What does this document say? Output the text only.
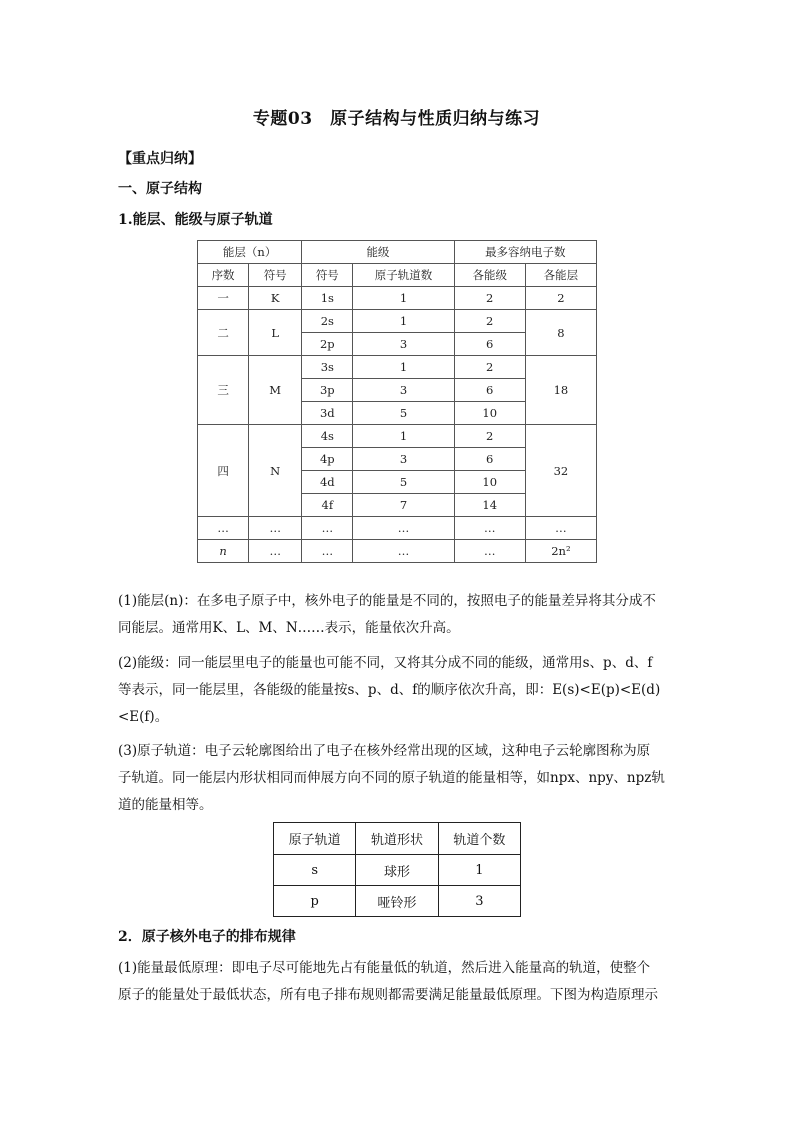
专题03　原子结构与性质归纳与练习
【重点归纳】
一、原子结构
1.能层、能级与原子轨道
能层（n）		能级		最多容纳电子数	
序数	符号	符号	原子轨道数	各能级	各能层
一	K	1s	1	2	2
二	L	2s	1	2	8
		2p	3	6	
三	M	3s	1	2	18
		3p	3	6	
		3d	5	10	
四	N	4s	1	2	32
		4p	3	6	
		4d	5	10	
		4f	7	14	
…	…	…	…	…	…
n	…	…	…	…	2n²

(1)能层(n)：在多电子原子中，核外电子的能量是不同的，按照电子的能量差异将其分成不

同能层。通常用K、L、M、N……表示，能量依次升高。

(2)能级：同一能层里电子的能量也可能不同，又将其分成不同的能级，通常用s、p、d、f

等表示，同一能层里，各能级的能量按s、p、d、f的顺序依次升高，即：E(s)<E(p)<E(d)

<E(f)。

(3)原子轨道：电子云轮廓图给出了电子在核外经常出现的区域，这种电子云轮廓图称为原

子轨道。同一能层内形状相同而伸展方向不同的原子轨道的能量相等，如npx、npy、npz轨

道的能量相等。

原子轨道	轨道形状	轨道个数
s	球形	1
p	哑铃形	3
2．原子核外电子的排布规律

(1)能量最低原理：即电子尽可能地先占有能量低的轨道，然后进入能量高的轨道，使整个

原子的能量处于最低状态，所有电子排布规则都需要满足能量最低原理。下图为构造原理示
